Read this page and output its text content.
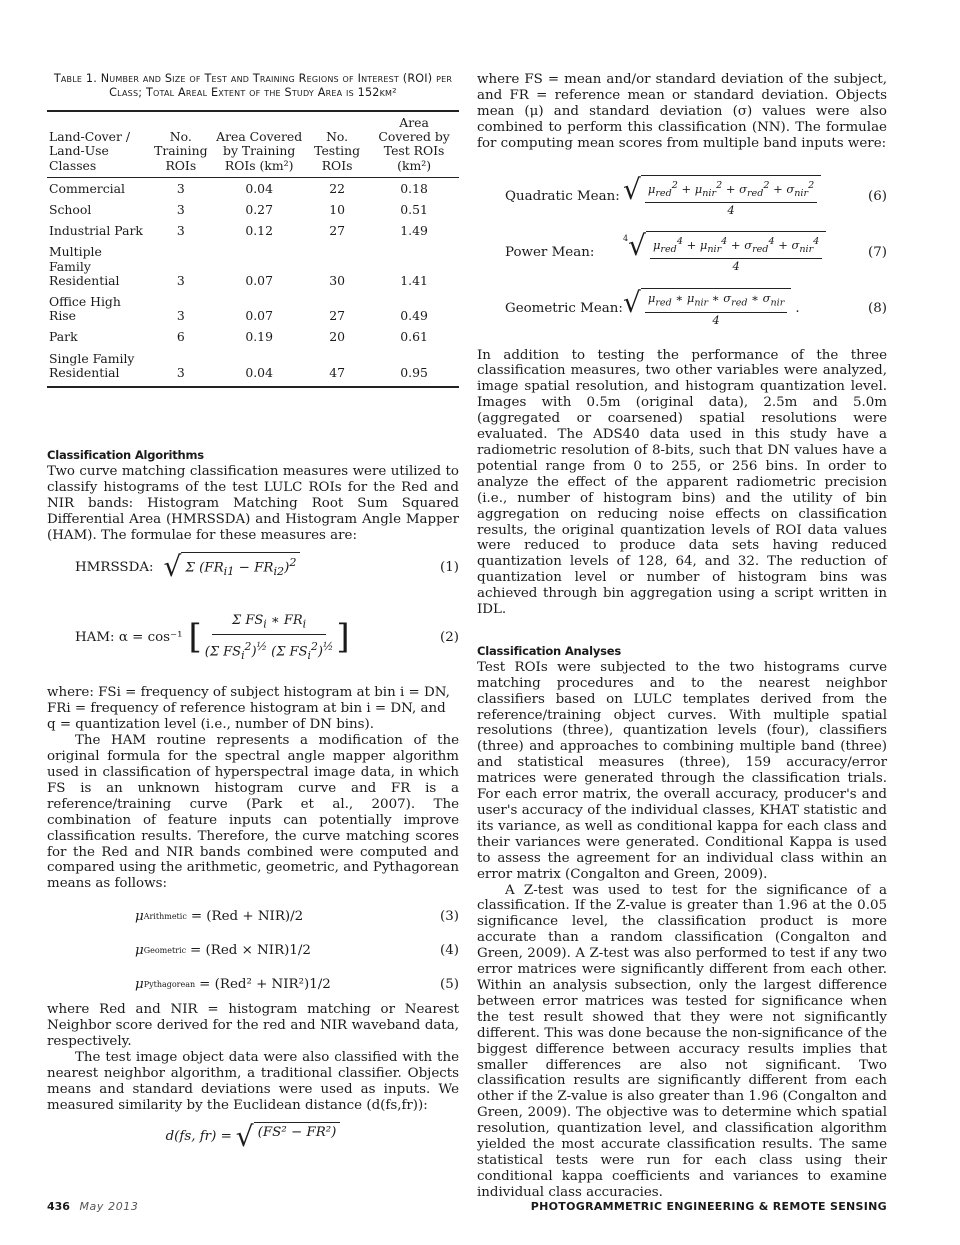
Table 1. Number and Size of Test and Training Regions of Interest (ROI) per Class; Total Areal Extent of the Study Area is 152km²
Land-Cover / Land-Use Classes	No. Training ROIs	Area Covered by Training ROIs (km²)	No. Testing ROIs	Area Covered by Test ROIs (km²)
Commercial	3	0.04	22	0.18
School	3	0.27	10	0.51
Industrial Park	3	0.12	27	1.49
Multiple Family Residential	3	0.07	30	1.41
Office High Rise	3	0.07	27	0.49
Park	6	0.19	20	0.61
Single Family Residential	3	0.04	47	0.95
Classification Algorithms

Two curve matching classification measures were utilized to classify histograms of the test LULC ROIs for the Red and NIR bands: Histogram Matching Root Sum Squared Differential Area (HMRSSDA) and Histogram Angle Mapper (HAM). The formulae for these measures are:

HMRSSDA: √ Σ $(FR_{i1} - FR_{i2})^2$	(1)
HAM: α = cos⁻¹ [ $\frac{\Sigma FS_i ∗ FR_i}{(\Sigma FS_i^2)^{\frac{1}{2}} (\Sigma FS_i^2)^{\frac{1}{2}}}$ ]	(2)

where: FSi = frequency of subject histogram at bin i = DN,

FRi = frequency of reference histogram at bin i = DN, and

q = quantization level (i.e., number of DN bins).

The HAM routine represents a modification of the original formula for the spectral angle mapper algorithm used in classification of hyperspectral image data, in which FS is an unknown histogram curve and FR is a reference/training curve (Park et al., 2007). The combination of feature inputs can potentially improve classification results. Therefore, the curve matching scores for the Red and NIR bands combined were computed and compared using the arithmetic, geometric, and Pythagorean means as follows:

μ Arithmetic = (Red + NIR)/2	(3)
μ Geometric = (Red × NIR)1/2	(4)
μ Pythagorean = (Red² + NIR²)1/2	(5)

where Red and NIR = histogram matching or Nearest Neighbor score derived for the red and NIR waveband data, respectively.

The test image object data were also classified with the nearest neighbor algorithm, a traditional classifier. Objects means and standard deviations were used as inputs. We measured similarity by the Euclidean distance (d(fs,fr)):

d(fs, fr) = √ (FS² − FR²)

where FS = mean and/or standard deviation of the subject, and FR = reference mean or standard deviation. Objects mean (μ) and standard deviation (σ) values were also combined to perform this classification (NN). The formulae for computing mean scores from multiple band inputs were:

Quadratic Mean: √ $\frac{\mu_{red}^2 + \mu_{nir}^2 + \sigma_{red}^2 + \sigma_{nir}^2}{4}$	(6)
Power Mean:
4 √ $\frac{\mu_{red}^4 + \mu_{nir}^4 + \sigma_{red}^4 + \sigma_{nir}^4}{4}$	(7)
Geometric Mean: √ $\frac{\mu_{red} ∗ \mu_{nir} ∗ \sigma_{red} ∗ \sigma_{nir}}{4}$ .	(8)

In addition to testing the performance of the three classification measures, two other variables were analyzed, image spatial resolution, and histogram quantization level. Images with 0.5m (original data), 2.5m and 5.0m (aggregated or coarsened) spatial resolutions were evaluated. The ADS40 data used in this study have a radiometric resolution of 8-bits, such that DN values have a potential range from 0 to 255, or 256 bins. In order to analyze the effect of the apparent radiometric precision (i.e., number of histogram bins) and the utility of bin aggregation on reducing noise effects on classification results, the original quantization levels of ROI data values were reduced to produce data sets having reduced quantization levels of 128, 64, and 32. The reduction of quantization level or number of histogram bins was achieved through bin aggregation using a script written in IDL.

Classification Analyses

Test ROIs were subjected to the two histograms curve matching procedures and to the nearest neighbor classifiers based on LULC templates derived from the reference/training object curves. With multiple spatial resolutions (three), quantization levels (four), classifiers (three) and approaches to combining multiple band (three) and statistical measures (three), 159 accuracy/error matrices were generated through the classification trials. For each error matrix, the overall accuracy, producer's and user's accuracy of the individual classes, KHAT statistic and its variance, as well as conditional kappa for each class and their variances were generated. Conditional Kappa is used to assess the agreement for an individual class within an error matrix (Congalton and Green, 2009).

A Z-test was used to test for the significance of a classification. If the Z-value is greater than 1.96 at the 0.05 significance level, the classification product is more accurate than a random classification (Congalton and Green, 2009). A Z-test was also performed to test if any two error matrices were significantly different from each other. Within an analysis subsection, only the largest difference between error matrices was tested for significance when the test result showed that they were not significantly different. This was done because the non-significance of the biggest difference between accuracy results implies that smaller differences are also not significant. Two classification results are significantly different from each other if the Z-value is also greater than 1.96 (Congalton and Green, 2009). The objective was to determine which spatial resolution, quantization level, and classification algorithm yielded the most accurate classification results. The same statistical tests were run for each class using their conditional kappa coefficients and variances to examine individual class accuracies.

436 May 2013	PHOTOGRAMMETRIC ENGINEERING & REMOTE SENSING
